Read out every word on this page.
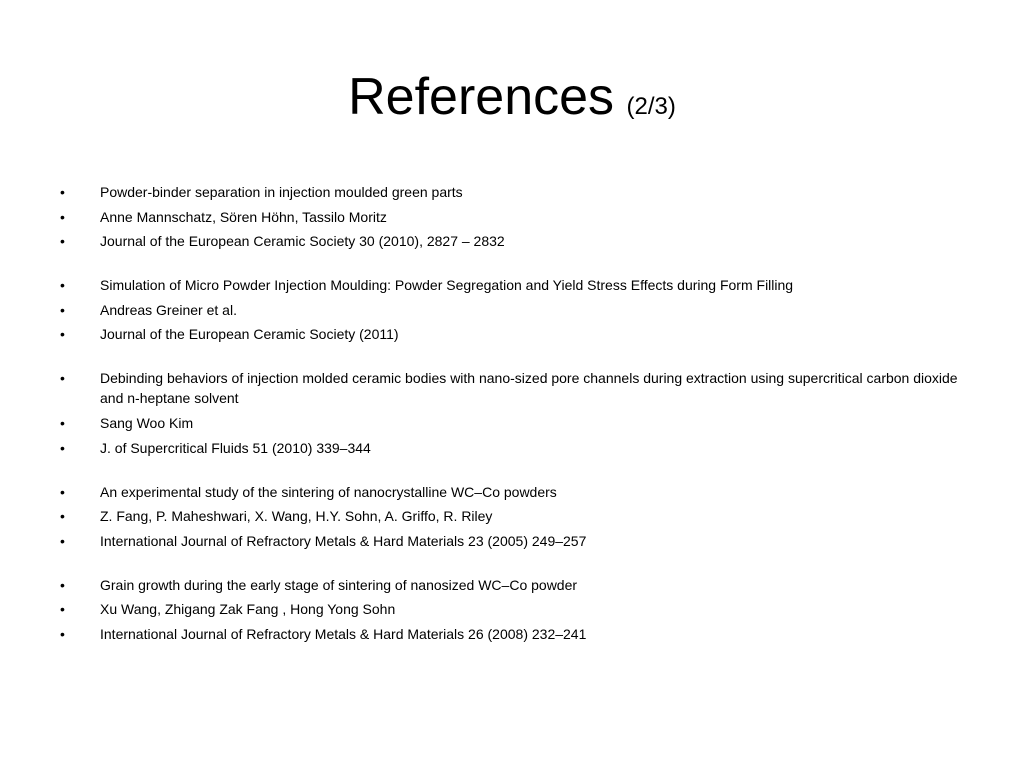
References (2/3)
•	Powder-binder separation in injection moulded green parts
•	Anne Mannschatz, Sören Höhn, Tassilo Moritz
•	Journal of the European Ceramic Society 30 (2010), 2827 – 2832
•	Simulation of Micro Powder Injection Moulding: Powder Segregation and Yield Stress Effects during Form Filling
•	Andreas Greiner et al.
•	Journal of the European Ceramic Society (2011)
•	Debinding behaviors of injection molded ceramic bodies with nano-sized pore channels during extraction using supercritical carbon dioxide and n-heptane solvent
•	Sang Woo Kim
•	J. of Supercritical Fluids 51 (2010) 339–344
•	An experimental study of the sintering of nanocrystalline WC–Co powders
•	Z. Fang, P. Maheshwari, X. Wang, H.Y. Sohn, A. Griffo, R. Riley
•	International Journal of Refractory Metals & Hard Materials 23 (2005) 249–257
•	Grain growth during the early stage of sintering of nanosized WC–Co powder
•	Xu Wang, Zhigang Zak Fang , Hong Yong Sohn
•	International Journal of Refractory Metals & Hard Materials 26 (2008) 232–241
